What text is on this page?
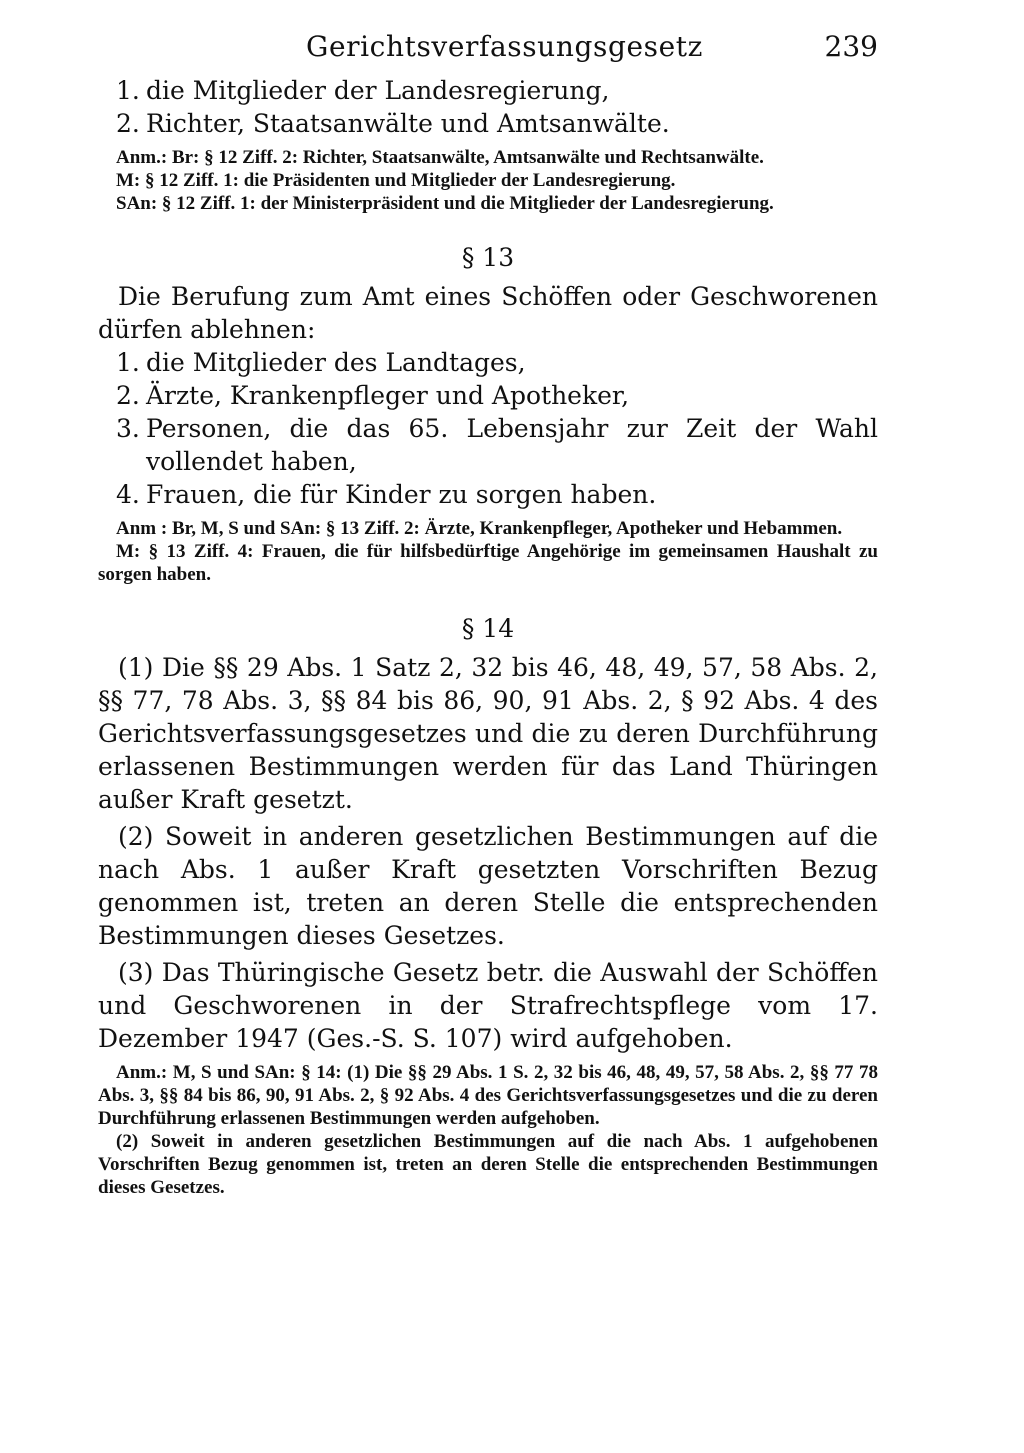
Gerichtsverfassungsgesetz	239
1. die Mitglieder der Landesregierung,
2. Richter, Staatsanwälte und Amtsanwälte.

Anm.: Br: § 12 Ziff. 2: Richter, Staatsanwälte, Amtsanwälte und Rechtsanwälte.

M: § 12 Ziff. 1: die Präsidenten und Mitglieder der Landesregierung.

SAn: § 12 Ziff. 1: der Ministerpräsident und die Mitglieder der Landesregierung.

§ 13

Die Berufung zum Amt eines Schöffen oder Geschworenen dürfen ablehnen:

1. die Mitglieder des Landtages,
2. Ärzte, Krankenpfleger und Apotheker,
3. Personen, die das 65. Lebensjahr zur Zeit der Wahl vollendet haben,
4. Frauen, die für Kinder zu sorgen haben.

Anm : Br, M, S und SAn: § 13 Ziff. 2: Ärzte, Krankenpfleger, Apotheker und Hebammen.

M: § 13 Ziff. 4: Frauen, die für hilfsbedürftige Angehörige im gemeinsamen Haushalt zu sorgen haben.

§ 14

(1) Die §§ 29 Abs. 1 Satz 2, 32 bis 46, 48, 49, 57, 58 Abs. 2, §§ 77, 78 Abs. 3, §§ 84 bis 86, 90, 91 Abs. 2, § 92 Abs. 4 des Gerichtsverfassungsgesetzes und die zu deren Durchführung erlassenen Bestimmungen werden für das Land Thüringen außer Kraft gesetzt.

(2) Soweit in anderen gesetzlichen Bestimmungen auf die nach Abs. 1 außer Kraft gesetzten Vorschriften Bezug genommen ist, treten an deren Stelle die entsprechenden Bestimmungen dieses Gesetzes.

(3) Das Thüringische Gesetz betr. die Auswahl der Schöffen und Geschworenen in der Strafrechtspflege vom 17. Dezember 1947 (Ges.-S. S. 107) wird aufgehoben.

Anm.: M, S und SAn: § 14: (1) Die §§ 29 Abs. 1 S. 2, 32 bis 46, 48, 49, 57, 58 Abs. 2, §§ 77 78 Abs. 3, §§ 84 bis 86, 90, 91 Abs. 2, § 92 Abs. 4 des Gerichtsverfassungsgesetzes und die zu deren Durchführung erlassenen Bestimmungen werden aufgehoben.

(2) Soweit in anderen gesetzlichen Bestimmungen auf die nach Abs. 1 aufgehobenen Vorschriften Bezug genommen ist, treten an deren Stelle die entsprechenden Bestimmungen dieses Gesetzes.
